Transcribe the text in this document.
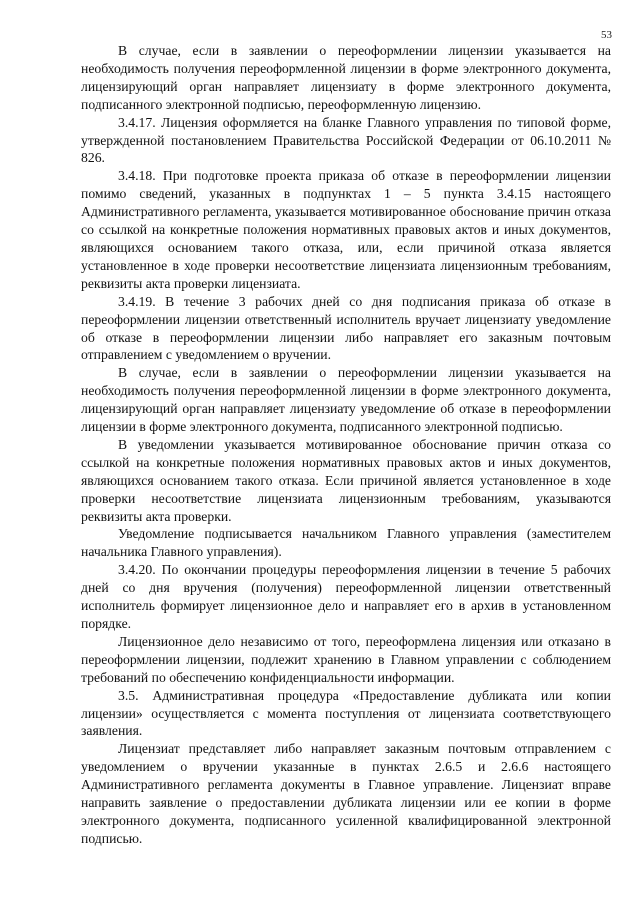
53

В случае, если в заявлении о переоформлении лицензии указывается на необходимость получения переоформленной лицензии в форме электронного документа, лицензирующий орган направляет лицензиату в форме электронного документа, подписанного электронной подписью, переоформленную лицензию.

3.4.17. Лицензия оформляется на бланке Главного управления по типовой форме, утвержденной постановлением Правительства Российской Федерации от 06.10.2011 № 826.

3.4.18. При подготовке проекта приказа об отказе в переоформлении лицензии помимо сведений, указанных в подпунктах 1 – 5 пункта 3.4.15 настоящего Административного регламента, указывается мотивированное обоснование причин отказа со ссылкой на конкретные положения нормативных правовых актов и иных документов, являющихся основанием такого отказа, или, если причиной отказа является установленное в ходе проверки несоответствие лицензиата лицензионным требованиям, реквизиты акта проверки лицензиата.

3.4.19. В течение 3 рабочих дней со дня подписания приказа об отказе в переоформлении лицензии ответственный исполнитель вручает лицензиату уведомление об отказе в переоформлении лицензии либо направляет его заказным почтовым отправлением с уведомлением о вручении.

В случае, если в заявлении о переоформлении лицензии указывается на необходимость получения переоформленной лицензии в форме электронного документа, лицензирующий орган направляет лицензиату уведомление об отказе в переоформлении лицензии в форме электронного документа, подписанного электронной подписью.

В уведомлении указывается мотивированное обоснование причин отказа со ссылкой на конкретные положения нормативных правовых актов и иных документов, являющихся основанием такого отказа. Если причиной является установленное в ходе проверки несоответствие лицензиата лицензионным требованиям, указываются реквизиты акта проверки.

Уведомление подписывается начальником Главного управления (заместителем начальника Главного управления).

3.4.20. По окончании процедуры переоформления лицензии в течение 5 рабочих дней со дня вручения (получения) переоформленной лицензии ответственный исполнитель формирует лицензионное дело и направляет его в архив в установленном порядке.

Лицензионное дело независимо от того, переоформлена лицензия или отказано в переоформлении лицензии, подлежит хранению в Главном управлении с соблюдением требований по обеспечению конфиденциальности информации.

3.5. Административная процедура «Предоставление дубликата или копии лицензии» осуществляется с момента поступления от лицензиата соответствующего заявления.

Лицензиат представляет либо направляет заказным почтовым отправлением с уведомлением о вручении указанные в пунктах 2.6.5 и 2.6.6 настоящего Административного регламента документы в Главное управление. Лицензиат вправе направить заявление о предоставлении дубликата лицензии или ее копии в форме электронного документа, подписанного усиленной квалифицированной электронной подписью.
